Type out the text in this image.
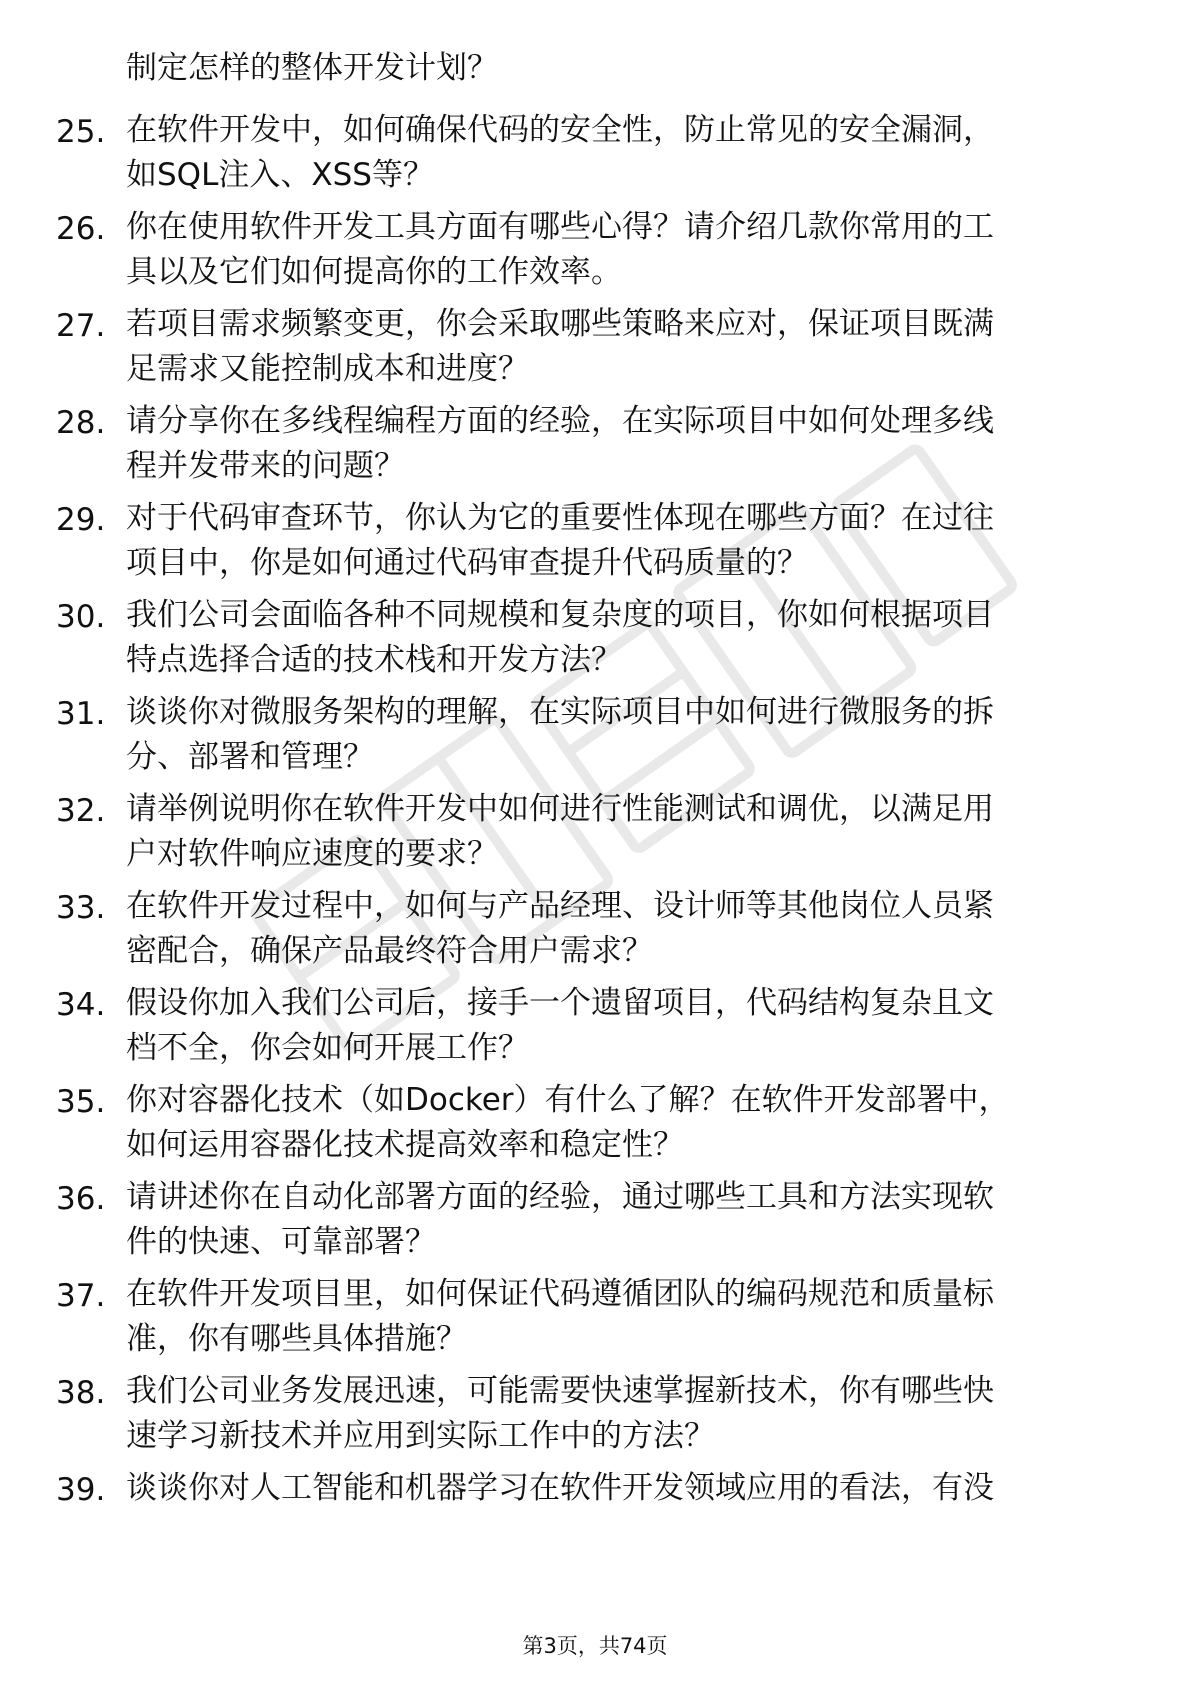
制定怎样的整体开发计划？
25. 在软件开发中，如何确保代码的安全性，防止常见的安全漏洞，
如SQL注入、XSS等？
26. 你在使用软件开发工具方面有哪些心得？请介绍几款你常用的工
具以及它们如何提高你的工作效率。
27. 若项目需求频繁变更，你会采取哪些策略来应对，保证项目既满
足需求又能控制成本和进度？
28. 请分享你在多线程编程方面的经验，在实际项目中如何处理多线
程并发带来的问题？
29. 对于代码审查环节，你认为它的重要性体现在哪些方面？在过往
项目中，你是如何通过代码审查提升代码质量的？
30. 我们公司会面临各种不同规模和复杂度的项目，你如何根据项目
特点选择合适的技术栈和开发方法？
31. 谈谈你对微服务架构的理解，在实际项目中如何进行微服务的拆
分、部署和管理？
32. 请举例说明你在软件开发中如何进行性能测试和调优，以满足用
户对软件响应速度的要求？
33. 在软件开发过程中，如何与产品经理、设计师等其他岗位人员紧
密配合，确保产品最终符合用户需求？
34. 假设你加入我们公司后，接手一个遗留项目，代码结构复杂且文
档不全，你会如何开展工作？
35. 你对容器化技术（如Docker）有什么了解？在软件开发部署中，
如何运用容器化技术提高效率和稳定性？
36. 请讲述你在自动化部署方面的经验，通过哪些工具和方法实现软
件的快速、可靠部署？
37. 在软件开发项目里，如何保证代码遵循团队的编码规范和质量标
准，你有哪些具体措施？
38. 我们公司业务发展迅速，可能需要快速掌握新技术，你有哪些快
速学习新技术并应用到实际工作中的方法？
39. 谈谈你对人工智能和机器学习在软件开发领域应用的看法，有没
第3页，共74页
